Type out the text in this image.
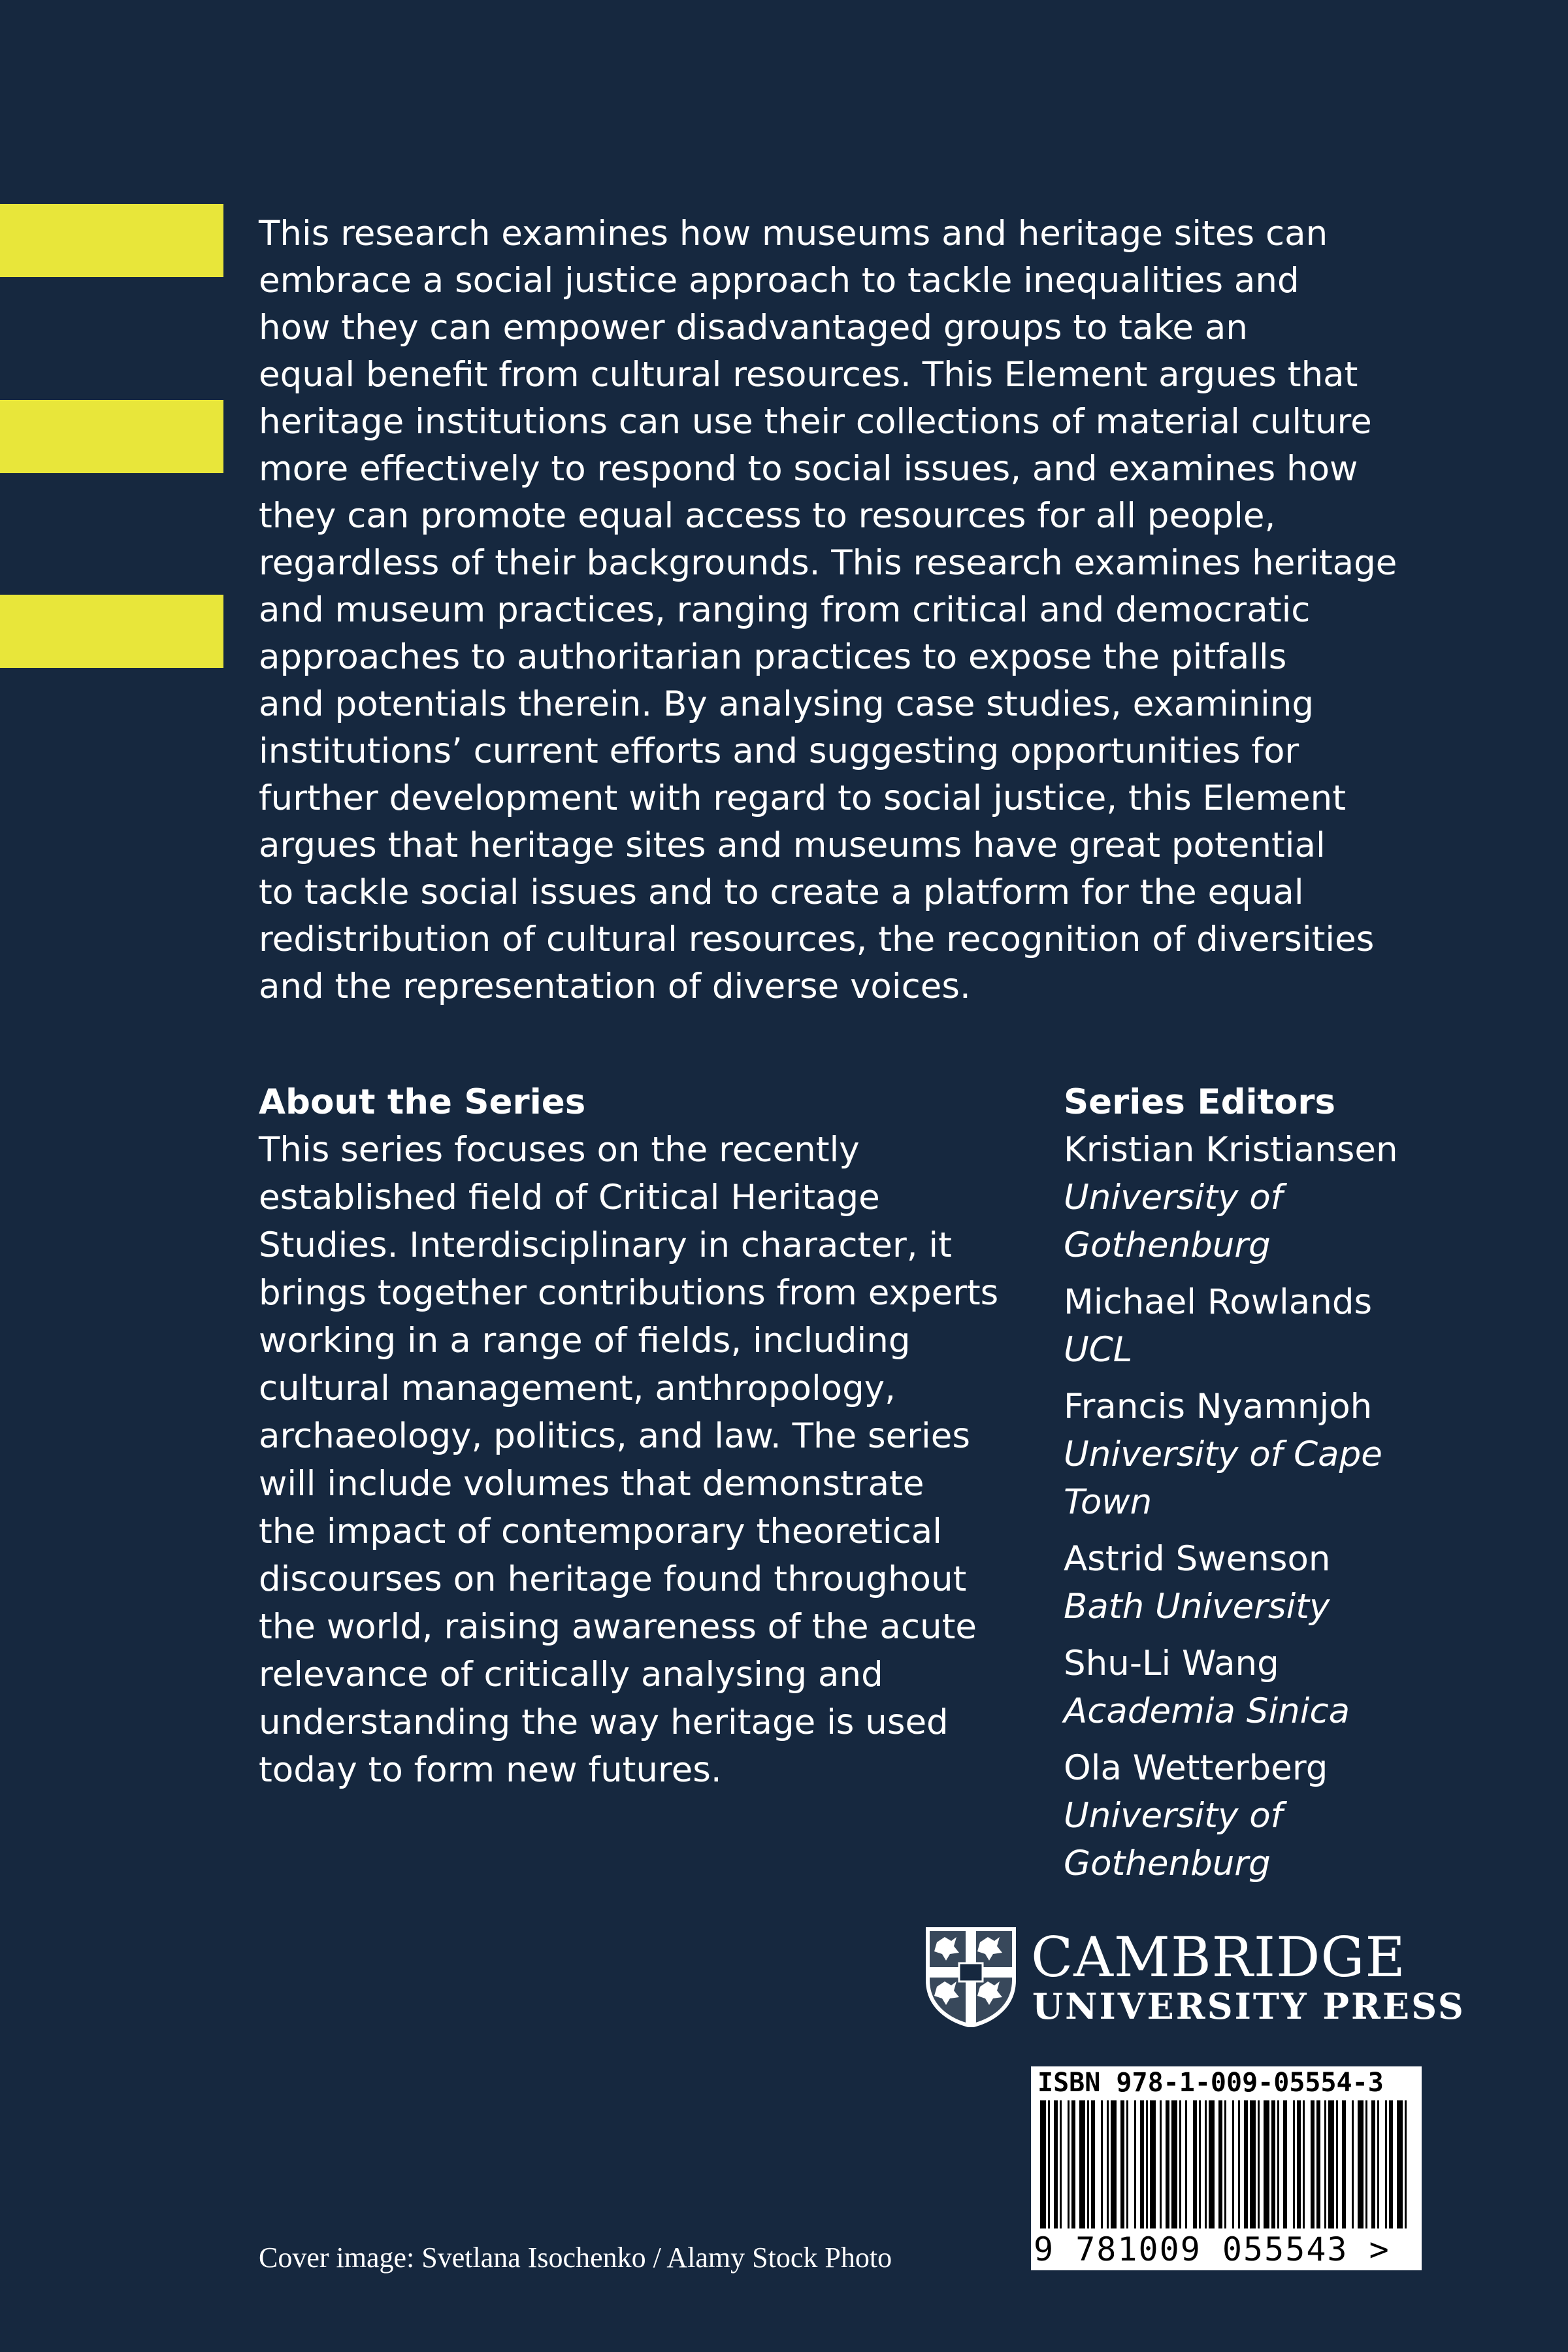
This research examines how museums and heritage sites can
embrace a social justice approach to tackle inequalities and
how they can empower disadvantaged groups to take an
equal benefit from cultural resources. This Element argues that
heritage institutions can use their collections of material culture
more effectively to respond to social issues, and examines how
they can promote equal access to resources for all people,
regardless of their backgrounds. This research examines heritage
and museum practices, ranging from critical and democratic
approaches to authoritarian practices to expose the pitfalls
and potentials therein. By analysing case studies, examining
institutions’ current efforts and suggesting opportunities for
further development with regard to social justice, this Element
argues that heritage sites and museums have great potential
to tackle social issues and to create a platform for the equal
redistribution of cultural resources, the recognition of diversities
and the representation of diverse voices.
About the Series
This series focuses on the recently
established field of Critical Heritage
Studies. Interdisciplinary in character, it
brings together contributions from experts
working in a range of fields, including
cultural management, anthropology,
archaeology, politics, and law. The series
will include volumes that demonstrate
the impact of contemporary theoretical
discourses on heritage found throughout
the world, raising awareness of the acute
relevance of critically analysing and
understanding the way heritage is used
today to form new futures.
Series Editors
Kristian Kristiansen
University of
Gothenburg
Michael Rowlands
UCL
Francis Nyamnjoh
University of Cape
Town
Astrid Swenson
Bath University
Shu-Li Wang
Academia Sinica
Ola Wetterberg
University of
Gothenburg
CAMBRIDGE
UNIVERSITY PRESS
ISBN 978-1-009-05554-3
9 781009 055543 >
Cover image: Svetlana Isochenko / Alamy Stock Photo
